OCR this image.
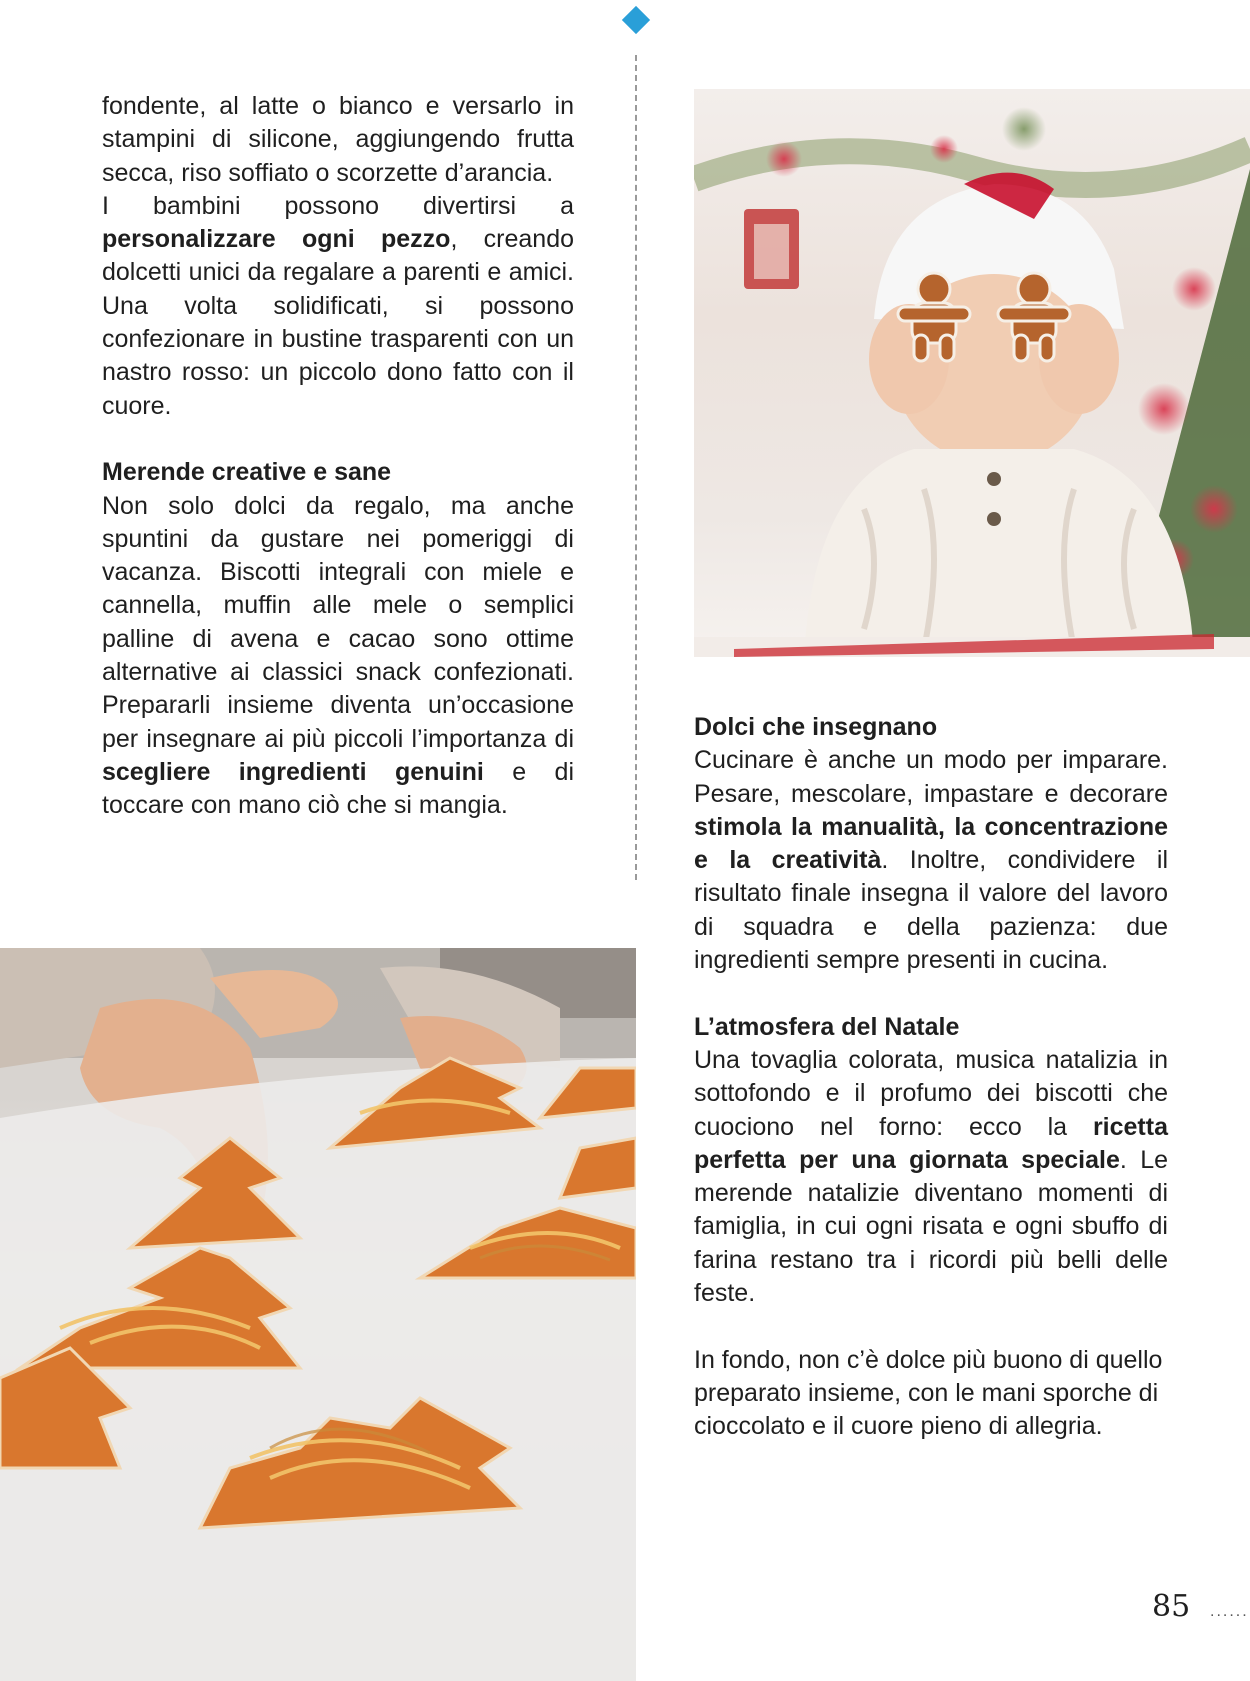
fondente, al latte o bianco e versarlo in stampini di silicone, aggiungendo frutta secca, riso soffiato o scorzette d’arancia.

I bambini possono divertirsi a personalizzare ogni pezzo, creando dolcetti unici da regalare a parenti e amici. Una volta solidificati, si possono confezionare in bustine trasparenti con un nastro rosso: un piccolo dono fatto con il cuore.

Merende creative e sane

Non solo dolci da regalo, ma anche spuntini da gustare nei pomeriggi di vacanza. Biscotti integrali con miele e cannella, muffin alle mele o semplici palline di avena e cacao sono ottime alternative ai classici snack confezionati. Prepararli insieme diventa un’occasione per insegnare ai più piccoli l’importanza di scegliere ingredienti genuini e di toccare con mano ciò che si mangia.

Dolci che insegnano

Cucinare è anche un modo per imparare. Pesare, mescolare, impastare e decorare stimola la manualità, la concentrazione e la creatività. Inoltre, condividere il risultato finale insegna il valore del lavoro di squadra e della pazienza: due ingredienti sempre presenti in cucina.

L’atmosfera del Natale

Una tovaglia colorata, musica natalizia in sottofondo e il profumo dei biscotti che cuociono nel forno: ecco la ricetta perfetta per una giornata speciale. Le merende natalizie diventano momenti di famiglia, in cui ogni risata e ogni sbuffo di farina restano tra i ricordi più belli delle feste.

In fondo, non c’è dolce più buono di quello preparato insieme, con le mani sporche di cioccolato e il cuore pieno di allegria.

85 ......
